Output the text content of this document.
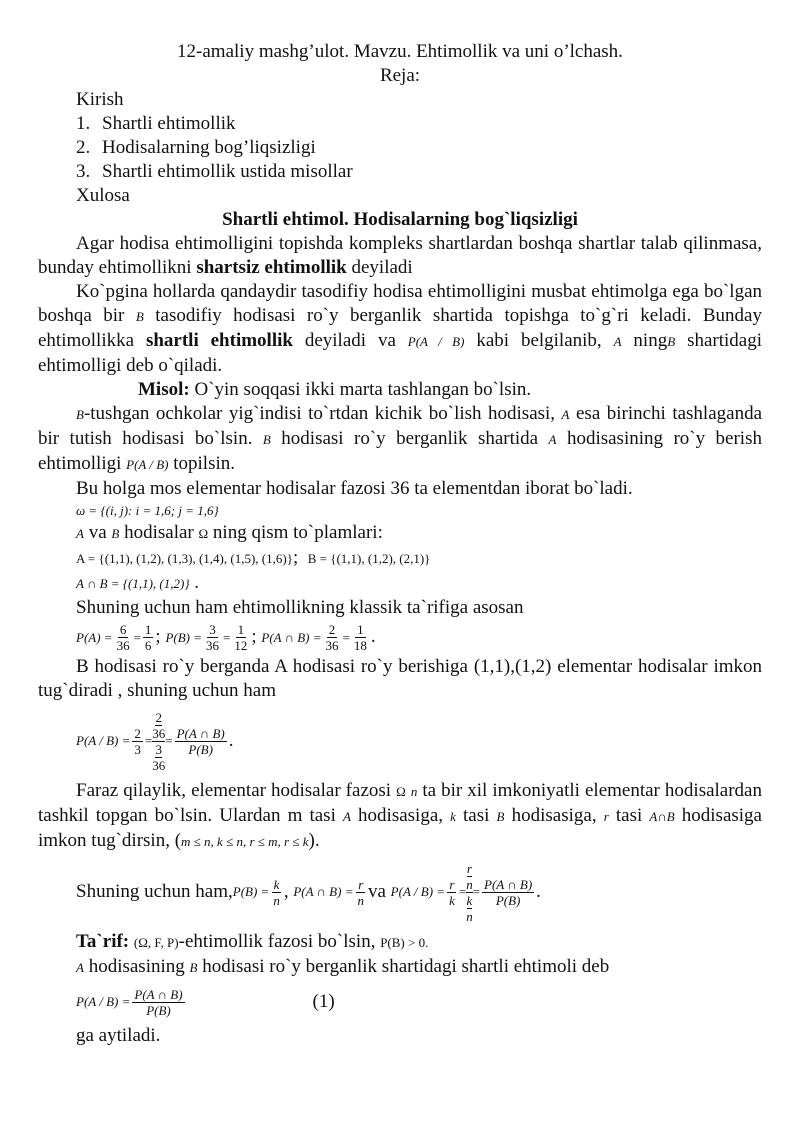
12-amaliy mashg’ulot. Mavzu. Ehtimollik va uni o’lchash.

Reja:

Kirish

1. Shartli ehtimollik
2. Hodisalarning bog’liqsizligi
3. Shartli ehtimollik ustida misollar

Xulosa

Shartli ehtimol. Hodisalarning bog`liqsizligi

Agar hodisa ehtimolligini topishda kompleks shartlardan boshqa shartlar talab qilinmasa, bunday ehtimollikni shartsiz ehtimollik deyiladi

Ko`pgina hollarda qandaydir tasodifiy hodisa ehtimolligini musbat ehtimolga ega bo`lgan boshqa bir B tasodifiy hodisasi ro`y berganlik shartida topishga to`g`ri keladi. Bunday ehtimollikka shartli ehtimollik deyiladi va P(A / B) kabi belgilanib, A ningB shartidagi ehtimolligi deb o`qiladi.

Misol: O`yin soqqasi ikki marta tashlangan bo`lsin.

B-tushgan ochkolar yig`indisi to`rtdan kichik bo`lish hodisasi, A esa birinchi tashlaganda bir tutish hodisasi bo`lsin. B hodisasi ro`y berganlik shartida A hodisasining ro`y berish ehtimolligi P(A / B) topilsin.

Bu holga mos elementar hodisalar fazosi 36 ta elementdan iborat bo`ladi.

ω = {(i, j): i = 1,6; j = 1,6}

A va B hodisalar Ω ning qism to`plamlari:

A = {(1,1), (1,2), (1,3), (1,4), (1,5), (1,6)}; B = {(1,1), (1,2), (2,1)}

A ∩ B = {(1,1), (1,2)} .

Shuning uchun ham ehtimollikning klassik ta`rifiga asosan

$P(A) = \frac{6}{36} = \frac{1}{6}$ ; $P(B) = \frac{3}{36} = \frac{1}{12}$ ; P(A ∩ $B) = \frac{2}{36} = \frac{1}{18}$ .

B hodisasi ro`y berganda A hodisasi ro`y berishiga (1,1),(1,2) elementar hodisalar imkon tug`diradi , shuning uchun ham

$P(A / B) = \frac{2}{3}$ =
2
36
3
36
= $\frac{P(A \cap B)}{P(B)}$ .

Faraz qilaylik, elementar hodisalar fazosi Ω n ta bir xil imkoniyatli elementar hodisalardan tashkil topgan bo`lsin. Ulardan m tasi A hodisasiga, k tasi B hodisasiga, r tasi A∩B hodisasiga imkon tug`dirsin, (m ≤ n, k ≤ n, r ≤ m, r ≤ k).

Shuning uchun ham, $P(B) = \frac{k}{n}$ ,
P(A ∩ $B) = \frac{r}{n}$ va
$P(A / B) = \frac{r}{k}$ =
r
n
k
n
= $\frac{P(A \cap B)}{P(B)}$ .

Ta`rif: (Ω, F, P)-ehtimollik fazosi bo`lsin, P(B) > 0.

A hodisasining B hodisasi ro`y berganlik shartidagi shartli ehtimoli deb

$P(A / B) = \frac{P(A \cap B)}{P(B)}$	(1)

ga aytiladi.
